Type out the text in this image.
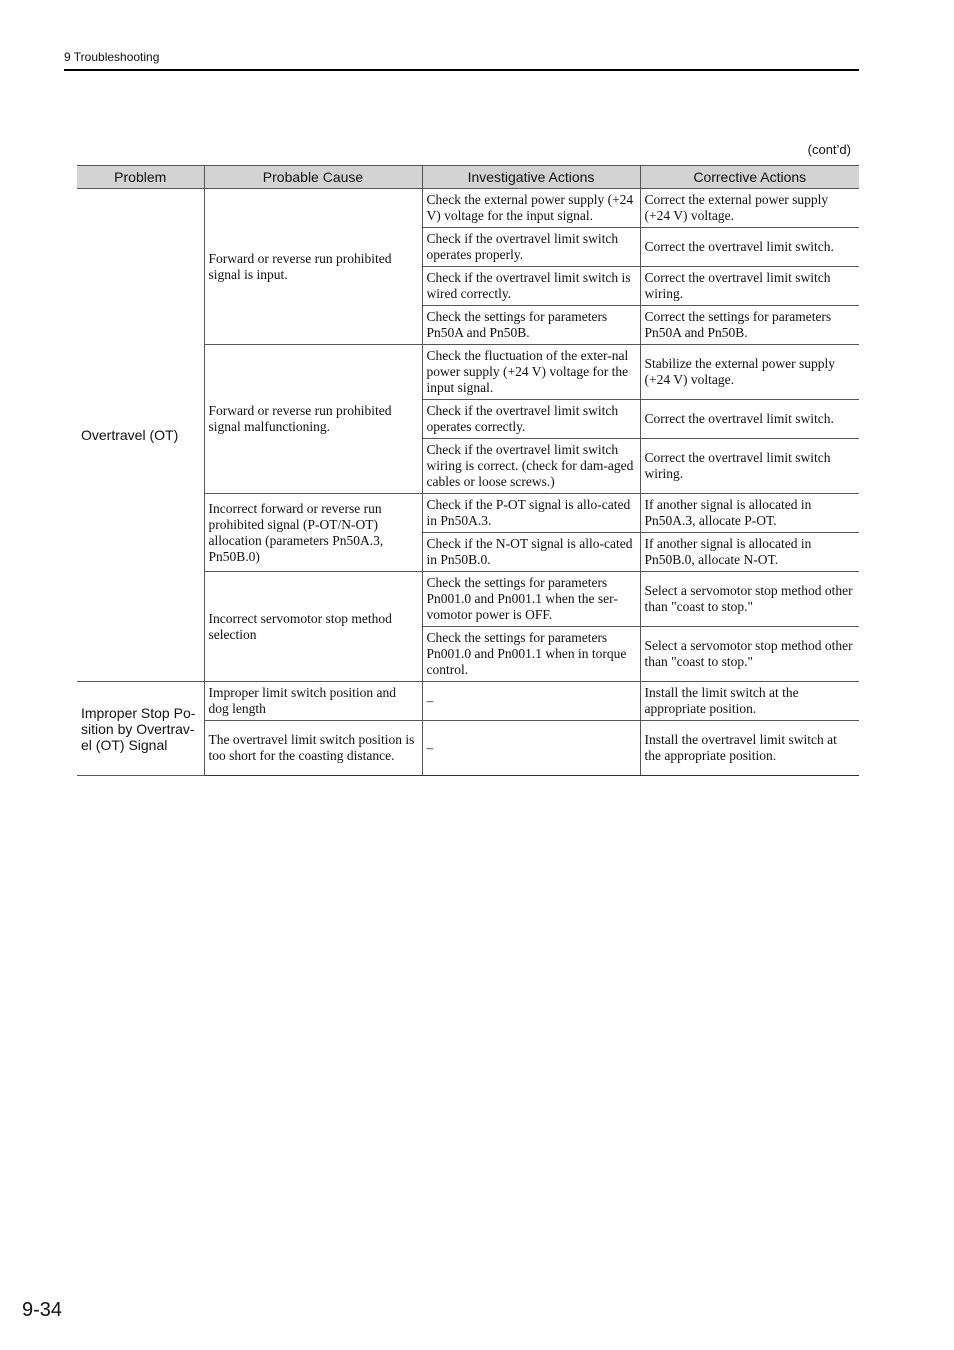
9 Troubleshooting
(cont’d)
Problem	Probable Cause	Investigative Actions	Corrective Actions
Overtravel (OT)	Forward or reverse run prohibited signal is input.	Check the external power supply (+24 V) voltage for the input signal.	Correct the external power supply (+24 V) voltage.
		Check if the overtravel limit switch operates properly.	Correct the overtravel limit switch.
		Check if the overtravel limit switch is wired correctly.	Correct the overtravel limit switch wiring.
		Check the settings for parameters Pn50A and Pn50B.	Correct the settings for parameters Pn50A and Pn50B.
	Forward or reverse run prohibited signal malfunctioning.	Check the fluctuation of the exter-nal power supply (+24 V) voltage for the input signal.	Stabilize the external power supply (+24 V) voltage.
		Check if the overtravel limit switch operates correctly.	Correct the overtravel limit switch.
		Check if the overtravel limit switch wiring is correct. (check for dam-aged cables or loose screws.)	Correct the overtravel limit switch wiring.
	Incorrect forward or reverse run prohibited signal (P-OT/N-OT) allocation (parameters Pn50A.3, Pn50B.0)	Check if the P-OT signal is allo-cated in Pn50A.3.	If another signal is allocated in Pn50A.3, allocate P-OT.
		Check if the N-OT signal is allo-cated in Pn50B.0.	If another signal is allocated in Pn50B.0, allocate N-OT.
	Incorrect servomotor stop method selection	Check the settings for parameters Pn001.0 and Pn001.1 when the ser-vomotor power is OFF.	Select a servomotor stop method other than "coast to stop."
		Check the settings for parameters Pn001.0 and Pn001.1 when in torque control.	Select a servomotor stop method other than "coast to stop."
Improper Stop Po-sition by Overtrav-el (OT) Signal	Improper limit switch position and dog length	–	Install the limit switch at the appropriate position.
	The overtravel limit switch position is too short for the coasting distance.	–	Install the overtravel limit switch at the appropriate position.
9-34
